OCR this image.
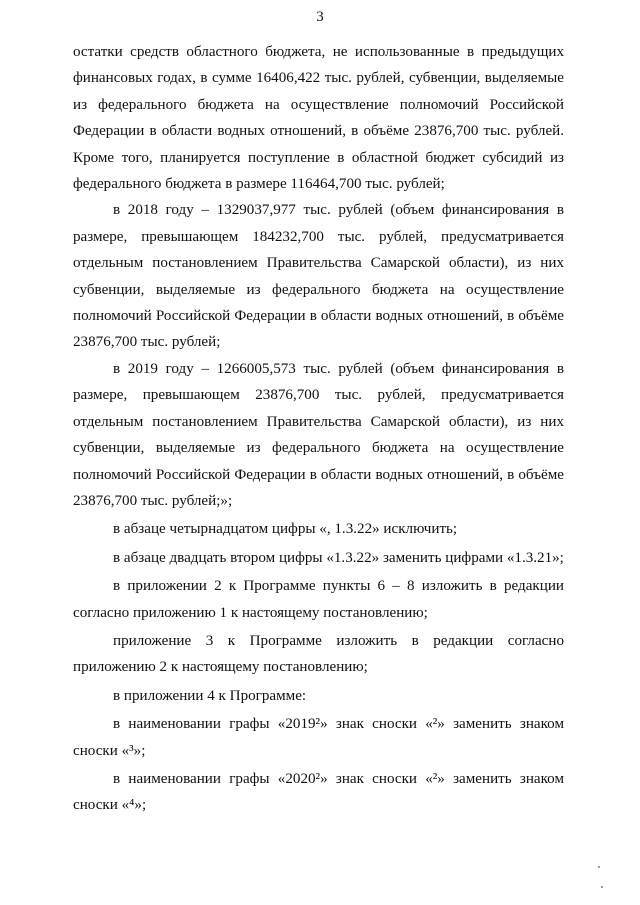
3

остатки средств областного бюджета, не использованные в предыдущих финансовых годах, в сумме 16406,422 тыс. рублей, субвенции, выделяемые из федерального бюджета на осуществление полномочий Российской Федерации в области водных отношений, в объёме 23876,700 тыс. рублей. Кроме того, планируется поступление в областной бюджет субсидий из федерального бюджета в размере 116464,700 тыс. рублей;

в 2018 году – 1329037,977 тыс. рублей (объем финансирования в размере, превышающем 184232,700 тыс. рублей, предусматривается отдельным постановлением Правительства Самарской области), из них субвенции, выделяемые из федерального бюджета на осуществление полномочий Российской Федерации в области водных отношений, в объёме 23876,700 тыс. рублей;

в 2019 году – 1266005,573 тыс. рублей (объем финансирования в размере, превышающем 23876,700 тыс. рублей, предусматривается отдельным постановлением Правительства Самарской области), из них субвенции, выделяемые из федерального бюджета на осуществление полномочий Российской Федерации в области водных отношений, в объёме 23876,700 тыс. рублей;»;

в абзаце четырнадцатом цифры «, 1.3.22» исключить;

в абзаце двадцать втором цифры «1.3.22» заменить цифрами «1.3.21»;

в приложении 2 к Программе пункты 6 – 8 изложить в редакции согласно приложению 1 к настоящему постановлению;

приложение 3 к Программе изложить в редакции согласно приложению 2 к настоящему постановлению;

в приложении 4 к Программе:

в наименовании графы «2019²» знак сноски «²» заменить знаком сноски «³»;

в наименовании графы «2020²» знак сноски «²» заменить знаком сноски «⁴»;
